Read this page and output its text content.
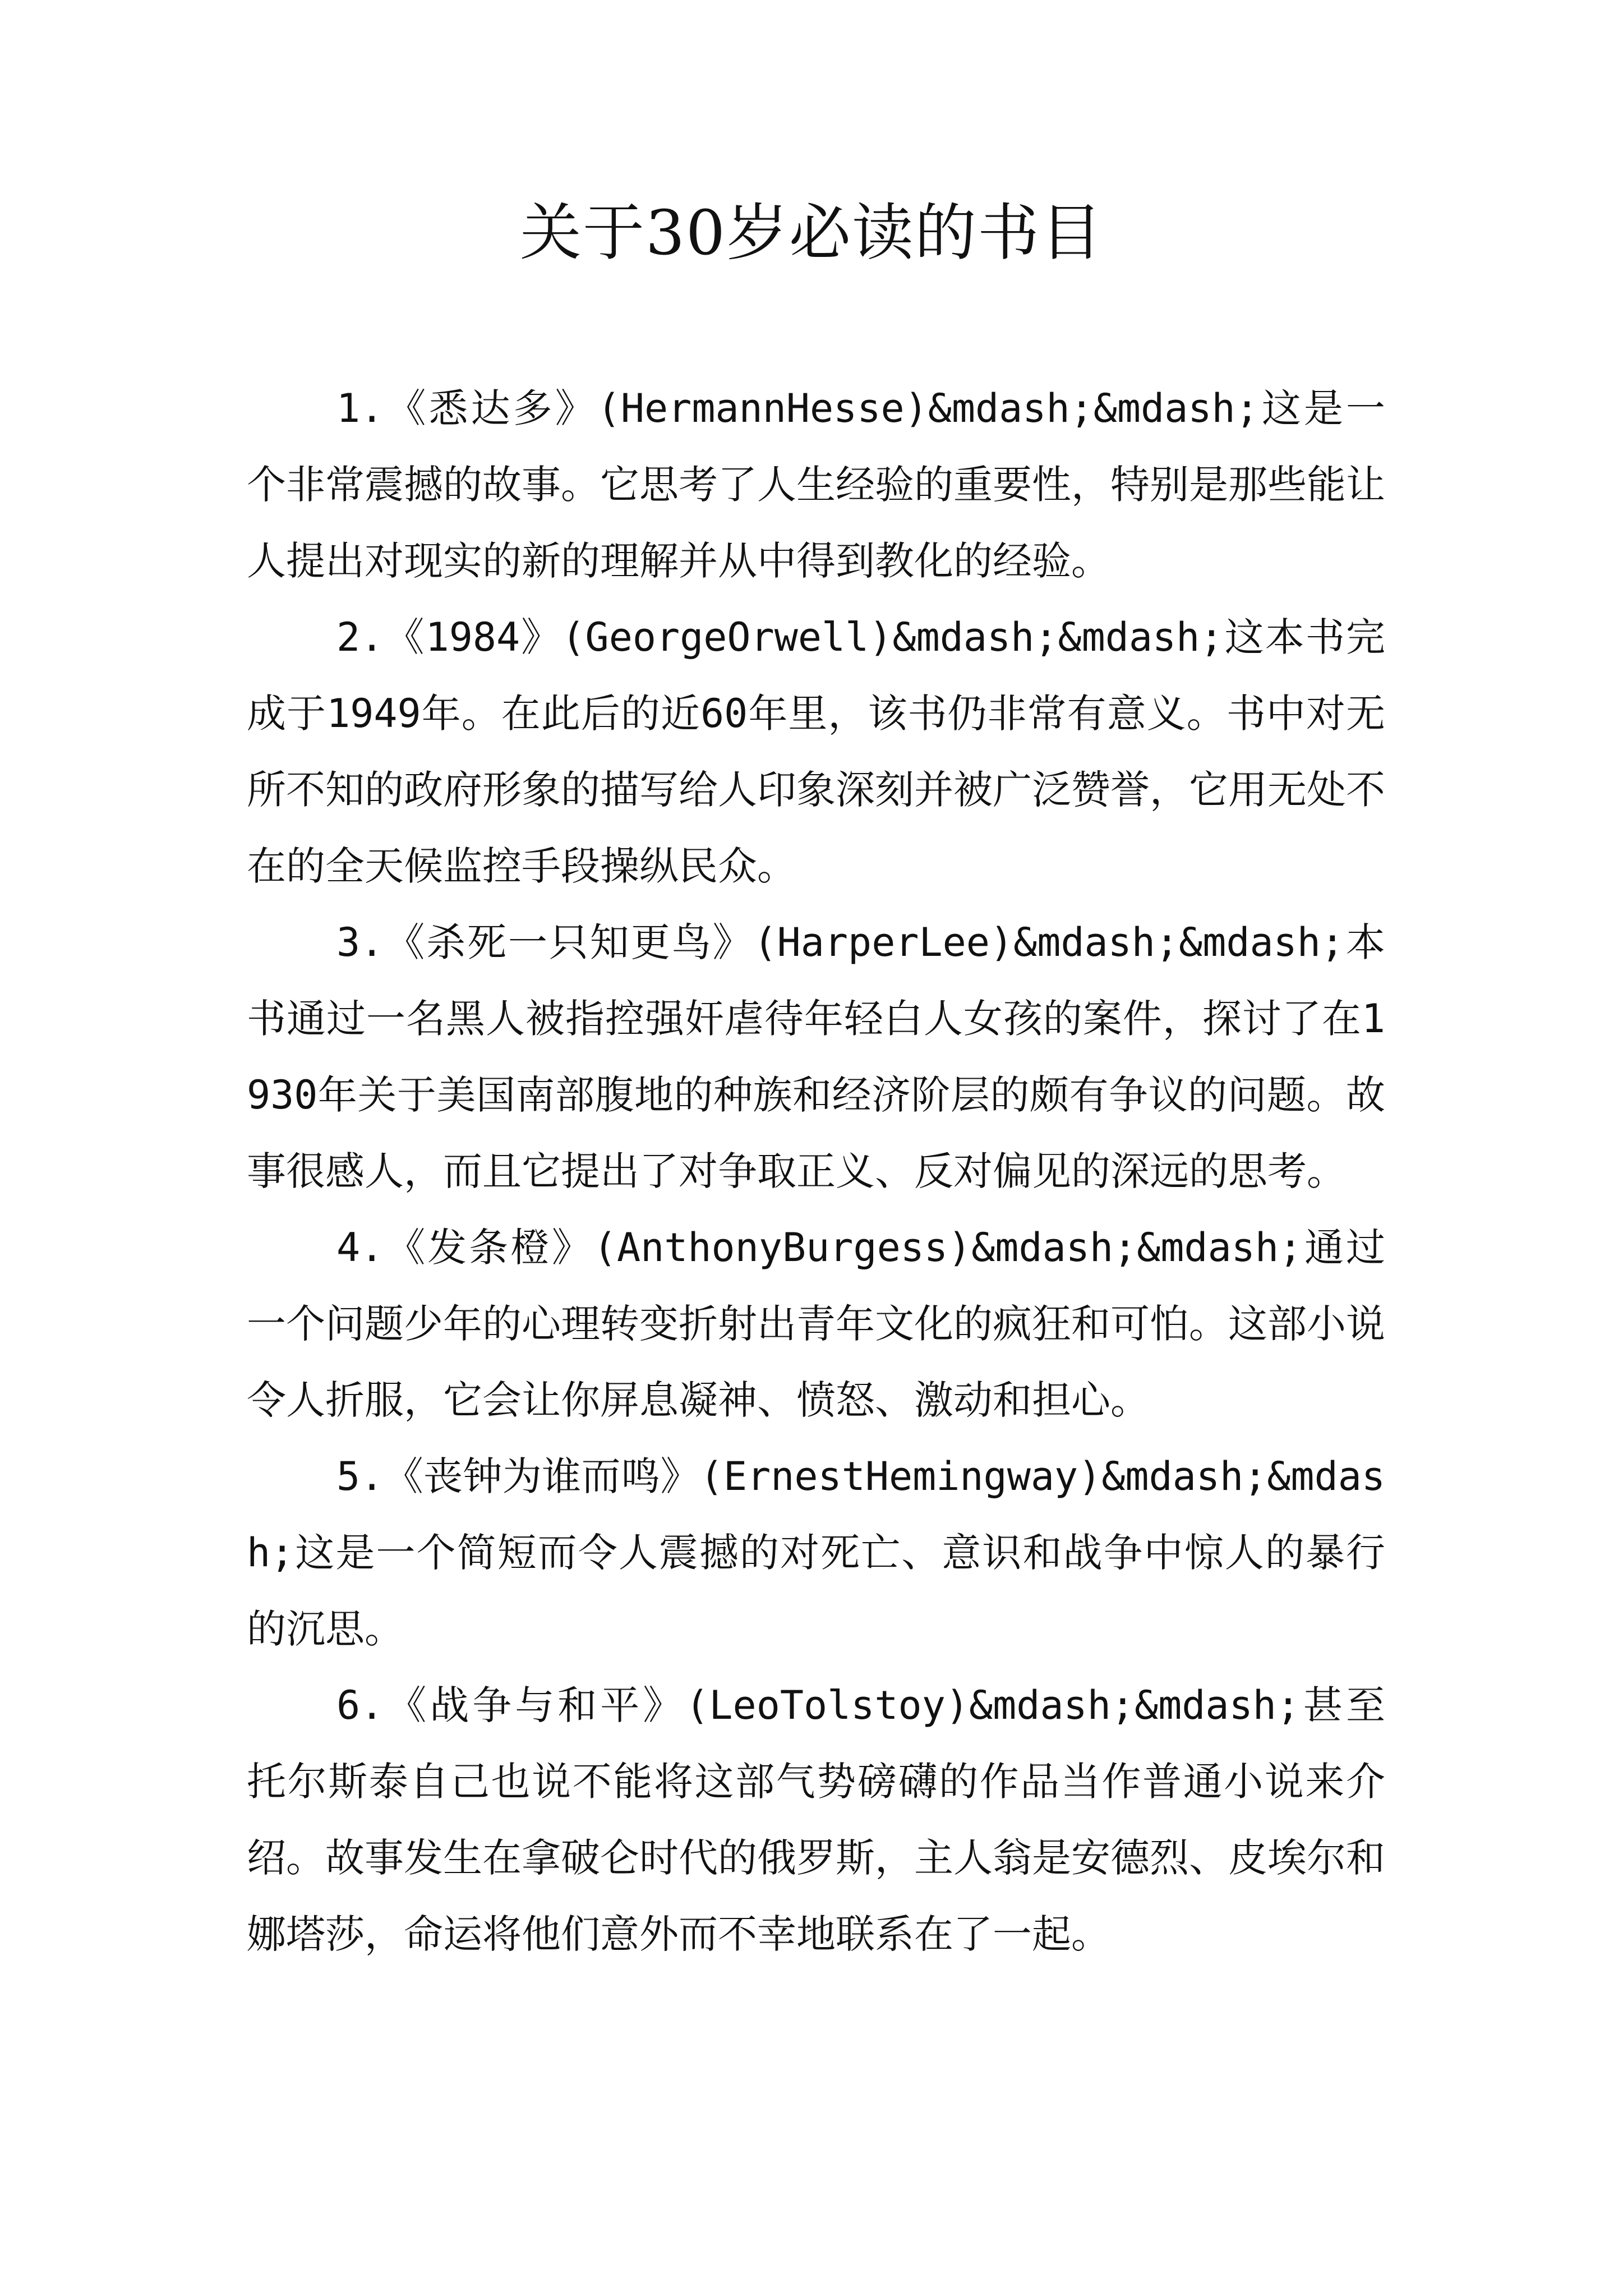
关于30岁必读的书目

1.《悉达多》(HermannHesse)&mdash;&mdash;这是一个非常震撼的故事。它思考了人生经验的重要性，特别是那些能让人提出对现实的新的理解并从中得到教化的经验。

2.《1984》(GeorgeOrwell)&mdash;&mdash;这本书完成于1949年。在此后的近60年里，该书仍非常有意义。书中对无所不知的政府形象的描写给人印象深刻并被广泛赞誉，它用无处不在的全天候监控手段操纵民众。

3.《杀死一只知更鸟》(HarperLee)&mdash;&mdash;本书通过一名黑人被指控强奸虐待年轻白人女孩的案件，探讨了在1930年关于美国南部腹地的种族和经济阶层的颇有争议的问题。故事很感人，而且它提出了对争取正义、反对偏见的深远的思考。

4.《发条橙》(AnthonyBurgess)&mdash;&mdash;通过一个问题少年的心理转变折射出青年文化的疯狂和可怕。这部小说令人折服，它会让你屏息凝神、愤怒、激动和担心。

5.《丧钟为谁而鸣》(ErnestHemingway)&mdash;&mdash;这是一个简短而令人震撼的对死亡、意识和战争中惊人的暴行的沉思。

6.《战争与和平》(LeoTolstoy)&mdash;&mdash;甚至托尔斯泰自己也说不能将这部气势磅礴的作品当作普通小说来介绍。故事发生在拿破仑时代的俄罗斯，主人翁是安德烈、皮埃尔和娜塔莎，命运将他们意外而不幸地联系在了一起。
